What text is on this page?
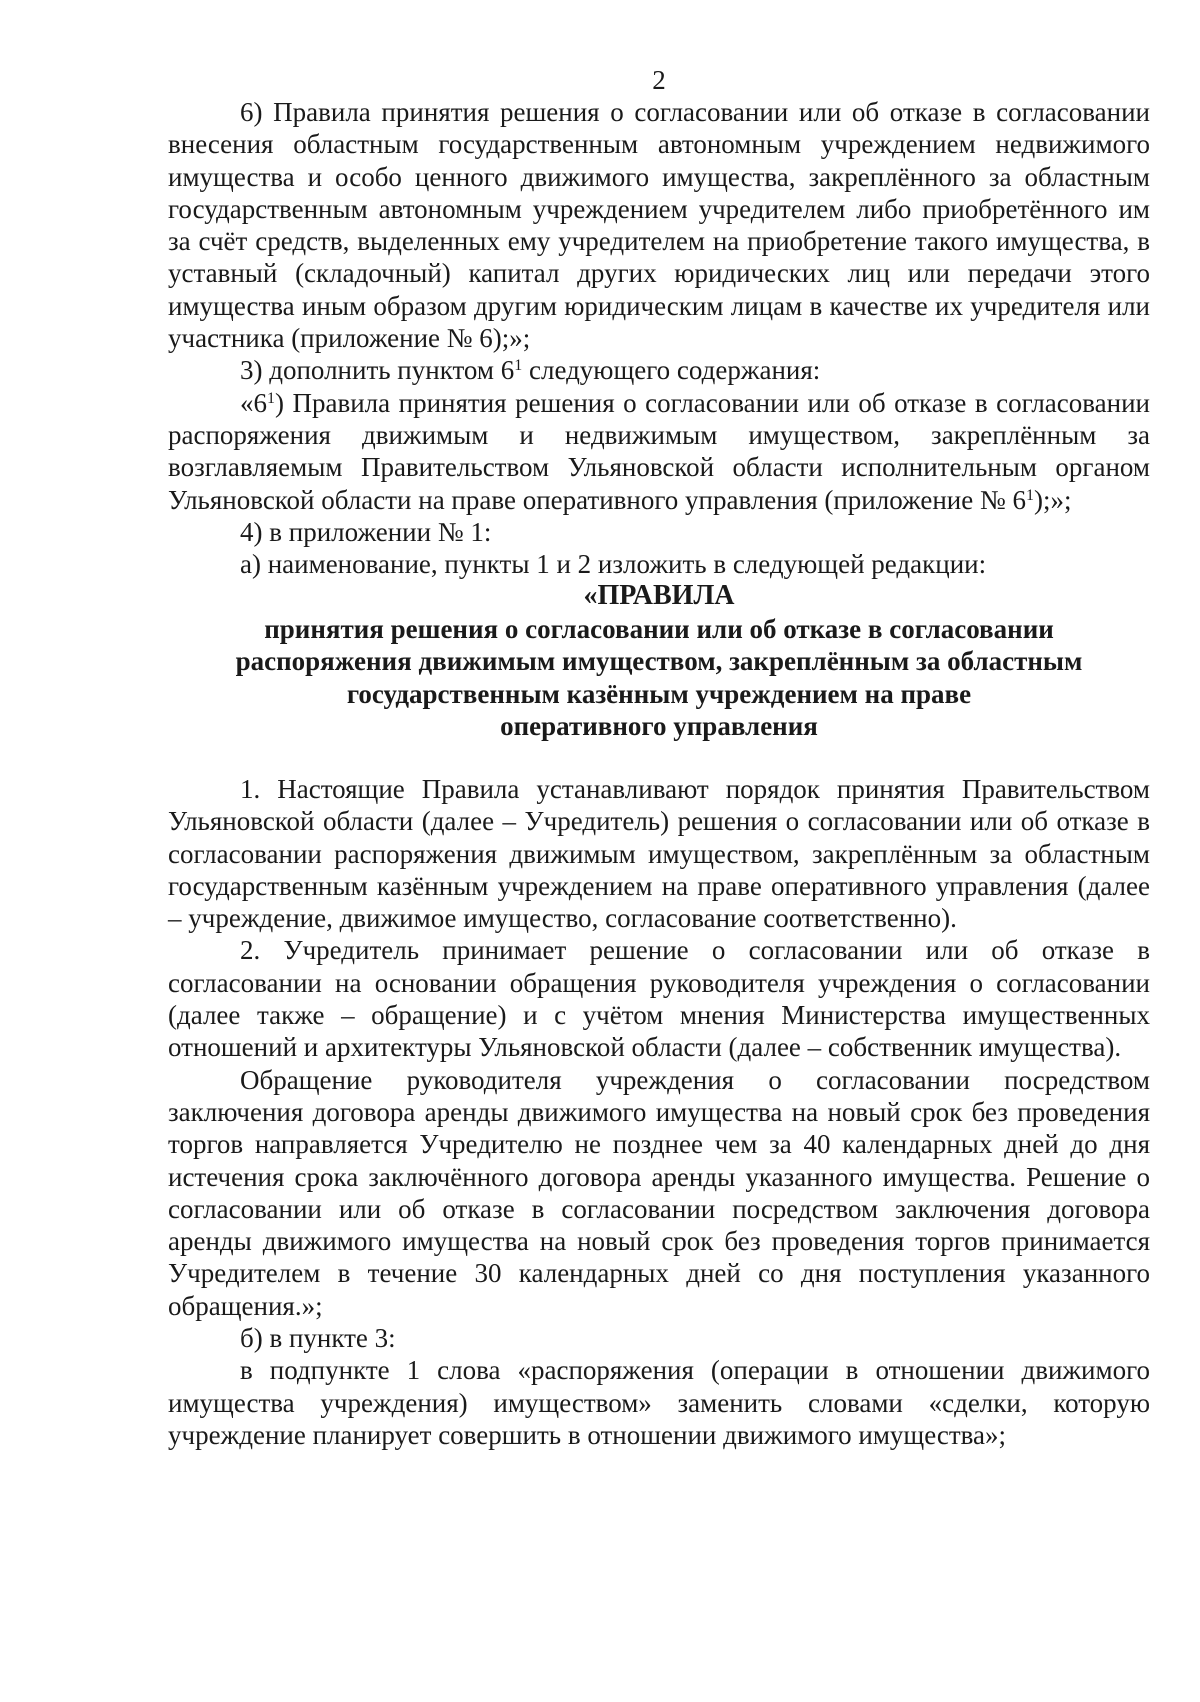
2

6) Правила принятия решения о согласовании или об отказе в согласовании внесения областным государственным автономным учреждением недвижимого имущества и особо ценного движимого имущества, закреплённого за областным государственным автономным учреждением учредителем либо приобретённого им за счёт средств, выделенных ему учредителем на приобретение такого имущества, в уставный (складочный) капитал других юридических лиц или передачи этого имущества иным образом другим юридическим лицам в качестве их учредителя или участника (приложение № 6);»;

3) дополнить пунктом $6^1$ следующего содержания:

«$6^1$) Правила принятия решения о согласовании или об отказе в согласовании распоряжения движимым и недвижимым имуществом, закреплённым за возглавляемым Правительством Ульяновской области исполнительным органом Ульяновской области на праве оперативного управления (приложение № $6^1$);»;

4) в приложении № 1:

а) наименование, пункты 1 и 2 изложить в следующей редакции:

«ПРАВИЛА

принятия решения о согласовании или об отказе в согласовании

распоряжения движимым имуществом, закреплённым за областным

государственным казённым учреждением на праве

оперативного управления

1. Настоящие Правила устанавливают порядок принятия Правительством Ульяновской области (далее – Учредитель) решения о согласовании или об отказе в согласовании распоряжения движимым имуществом, закреплённым за областным государственным казённым учреждением на праве оперативного управления (далее – учреждение, движимое имущество, согласование соответственно).

2. Учредитель принимает решение о согласовании или об отказе в согласовании на основании обращения руководителя учреждения о согласовании (далее также – обращение) и с учётом мнения Министерства имущественных отношений и архитектуры Ульяновской области (далее – собственник имущества).

Обращение руководителя учреждения о согласовании посредством заключения договора аренды движимого имущества на новый срок без проведения торгов направляется Учредителю не позднее чем за 40 календарных дней до дня истечения срока заключённого договора аренды указанного имущества. Решение о согласовании или об отказе в согласовании посредством заключения договора аренды движимого имущества на новый срок без проведения торгов принимается Учредителем в течение 30 календарных дней со дня поступления указанного обращения.»;

б) в пункте 3:

в подпункте 1 слова «распоряжения (операции в отношении движимого имущества учреждения) имуществом» заменить словами «сделки, которую учреждение планирует совершить в отношении движимого имущества»;
